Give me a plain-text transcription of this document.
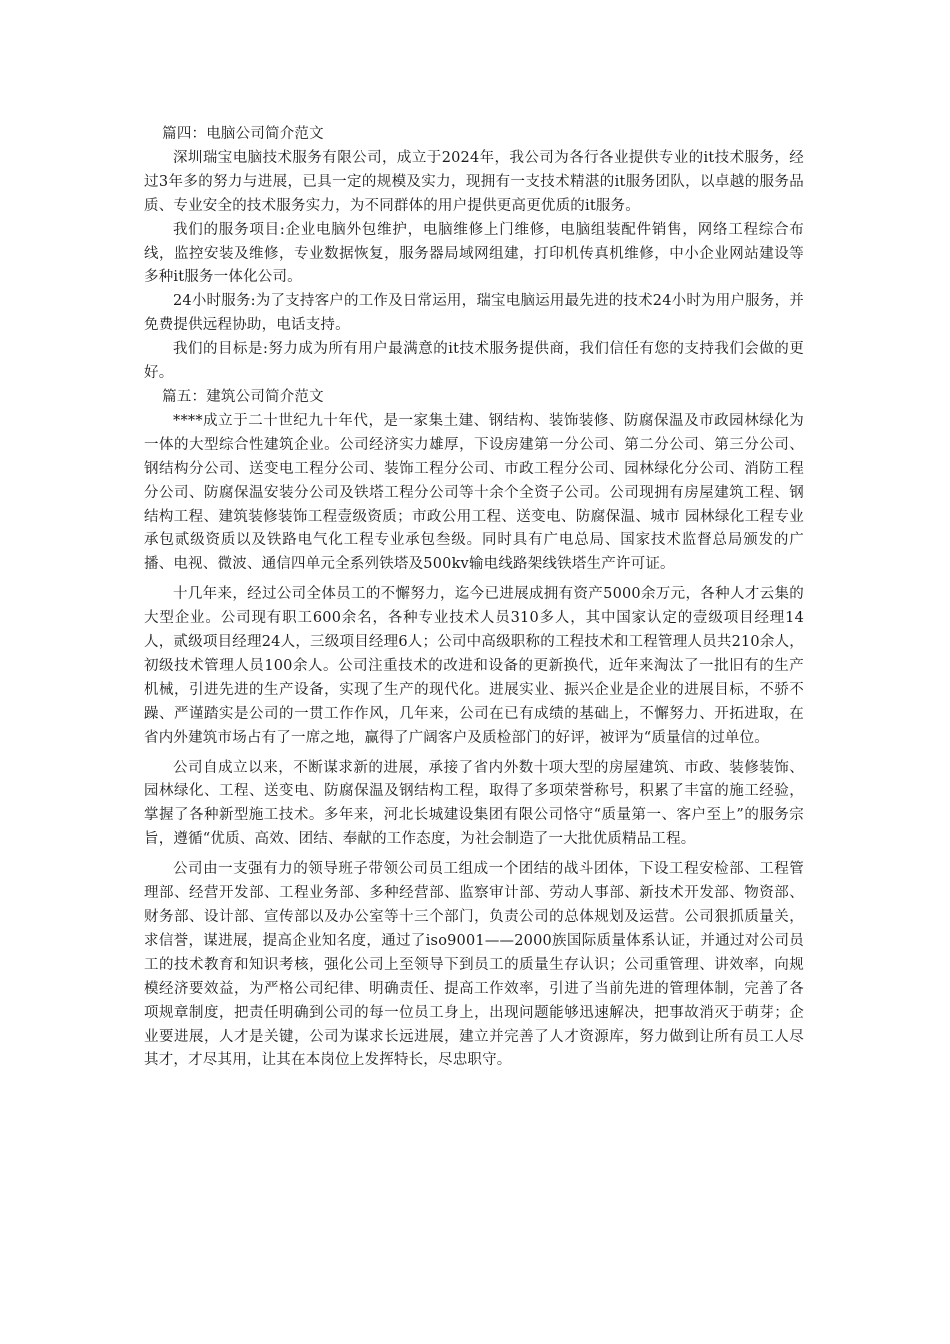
篇四：电脑公司简介范文

深圳瑞宝电脑技术服务有限公司，成立于2024年，我公司为各行各业提供专业的it技术服务，经过3年多的努力与进展，已具一定的规模及实力，现拥有一支技术精湛的it服务团队，以卓越的服务品质、专业安全的技术服务实力，为不同群体的用户提供更高更优质的it服务。

我们的服务项目:企业电脑外包维护，电脑维修上门维修，电脑组装配件销售，网络工程综合布线，监控安装及维修，专业数据恢复，服务器局域网组建，打印机传真机维修，中小企业网站建设等多种it服务一体化公司。

24小时服务:为了支持客户的工作及日常运用，瑞宝电脑运用最先进的技术24小时为用户服务，并免费提供远程协助，电话支持。

我们的目标是:努力成为所有用户最满意的it技术服务提供商，我们信任有您的支持我们会做的更好。

篇五：建筑公司简介范文

****成立于二十世纪九十年代，是一家集土建、钢结构、装饰装修、防腐保温及市政园林绿化为一体的大型综合性建筑企业。公司经济实力雄厚，下设房建第一分公司、第二分公司、第三分公司、钢结构分公司、送变电工程分公司、装饰工程分公司、市政工程分公司、园林绿化分公司、消防工程分公司、防腐保温安装分公司及铁塔工程分公司等十余个全资子公司。公司现拥有房屋建筑工程、钢结构工程、建筑装修装饰工程壹级资质；市政公用工程、送变电、防腐保温、城市 园林绿化工程专业承包贰级资质以及铁路电气化工程专业承包叁级。同时具有广电总局、国家技术监督总局颁发的广播、电视、微波、通信四单元全系列铁塔及500kv输电线路架线铁塔生产许可证。

十几年来，经过公司全体员工的不懈努力，迄今已进展成拥有资产5000余万元，各种人才云集的大型企业。公司现有职工600余名，各种专业技术人员310多人，其中国家认定的壹级项目经理14人，贰级项目经理24人，三级项目经理6人；公司中高级职称的工程技术和工程管理人员共210余人，初级技术管理人员100余人。公司注重技术的改进和设备的更新换代，近年来淘汰了一批旧有的生产机械，引进先进的生产设备，实现了生产的现代化。进展实业、振兴企业是企业的进展目标，不骄不躁、严谨踏实是公司的一贯工作作风，几年来，公司在已有成绩的基础上，不懈努力、开拓进取，在省内外建筑市场占有了一席之地，赢得了广阔客户及质检部门的好评，被评为“质量信的过单位。

公司自成立以来，不断谋求新的进展，承接了省内外数十项大型的房屋建筑、市政、装修装饰、园林绿化、工程、送变电、防腐保温及钢结构工程，取得了多项荣誉称号，积累了丰富的施工经验，掌握了各种新型施工技术。多年来，河北长城建设集团有限公司恪守“质量第一、客户至上”的服务宗旨，遵循“优质、高效、团结、奉献的工作态度，为社会制造了一大批优质精品工程。

公司由一支强有力的领导班子带领公司员工组成一个团结的战斗团体，下设工程安检部、工程管理部、经营开发部、工程业务部、多种经营部、监察审计部、劳动人事部、新技术开发部、物资部、财务部、设计部、宣传部以及办公室等十三个部门，负责公司的总体规划及运营。公司狠抓质量关，求信誉，谋进展，提高企业知名度，通过了iso9001——2000族国际质量体系认证，并通过对公司员工的技术教育和知识考核，强化公司上至领导下到员工的质量生存认识；公司重管理、讲效率，向规模经济要效益，为严格公司纪律、明确责任、提高工作效率，引进了当前先进的管理体制，完善了各项规章制度，把责任明确到公司的每一位员工身上，出现问题能够迅速解决，把事故消灭于萌芽；企业要进展，人才是关键，公司为谋求长远进展，建立并完善了人才资源库，努力做到让所有员工人尽其才，才尽其用，让其在本岗位上发挥特长，尽忠职守。
